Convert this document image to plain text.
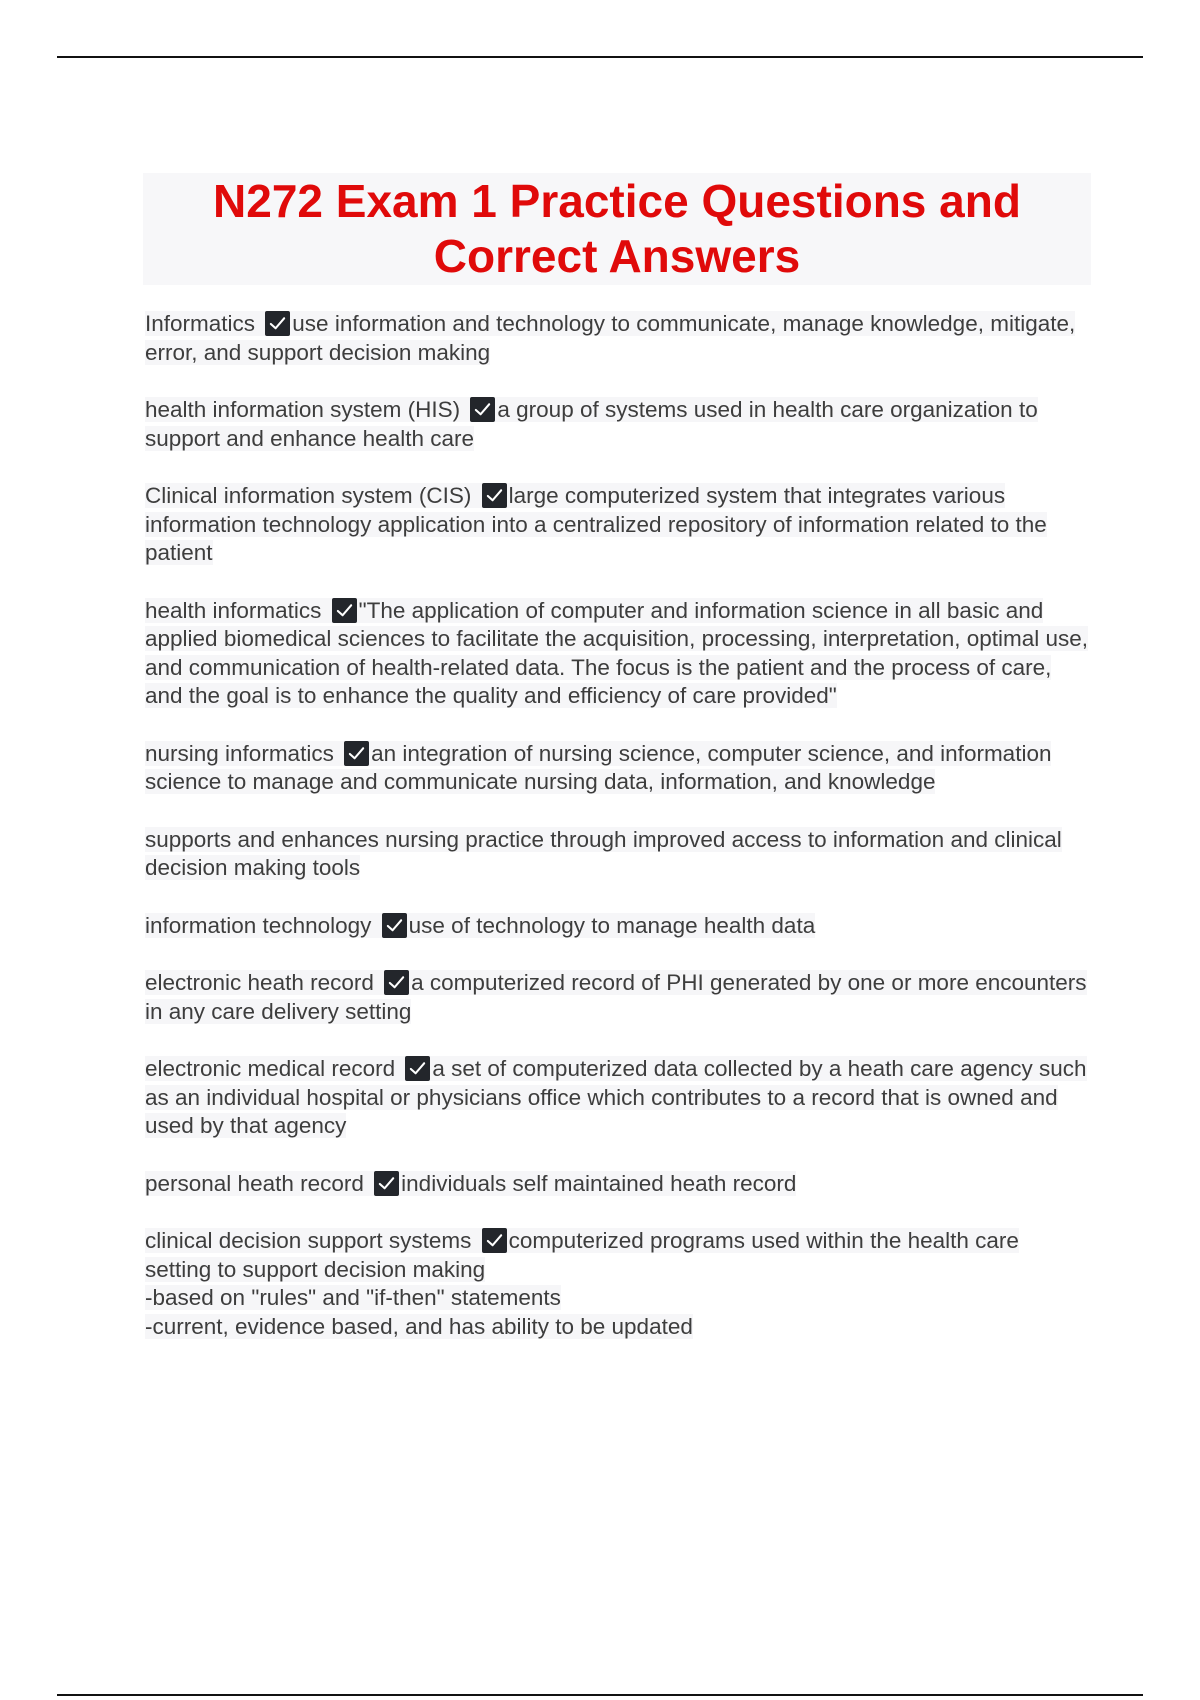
N272 Exam 1 Practice Questions and Correct Answers

Informatics use information and technology to communicate, manage knowledge, mitigate, error, and support decision making

health information system (HIS) a group of systems used in health care organization to support and enhance health care

Clinical information system (CIS) large computerized system that integrates various information technology application into a centralized repository of information related to the patient

health informatics "The application of computer and information science in all basic and applied biomedical sciences to facilitate the acquisition, processing, interpretation, optimal use, and communication of health-related data. The focus is the patient and the process of care, and the goal is to enhance the quality and efficiency of care provided"

nursing informatics an integration of nursing science, computer science, and information science to manage and communicate nursing data, information, and knowledge

supports and enhances nursing practice through improved access to information and clinical decision making tools

information technology use of technology to manage health data

electronic heath record a computerized record of PHI generated by one or more encounters in any care delivery setting

electronic medical record a set of computerized data collected by a heath care agency such as an individual hospital or physicians office which contributes to a record that is owned and used by that agency

personal heath record individuals self maintained heath record

clinical decision support systems computerized programs used within the health care setting to support decision making
-based on "rules" and "if-then" statements
-current, evidence based, and has ability to be updated
